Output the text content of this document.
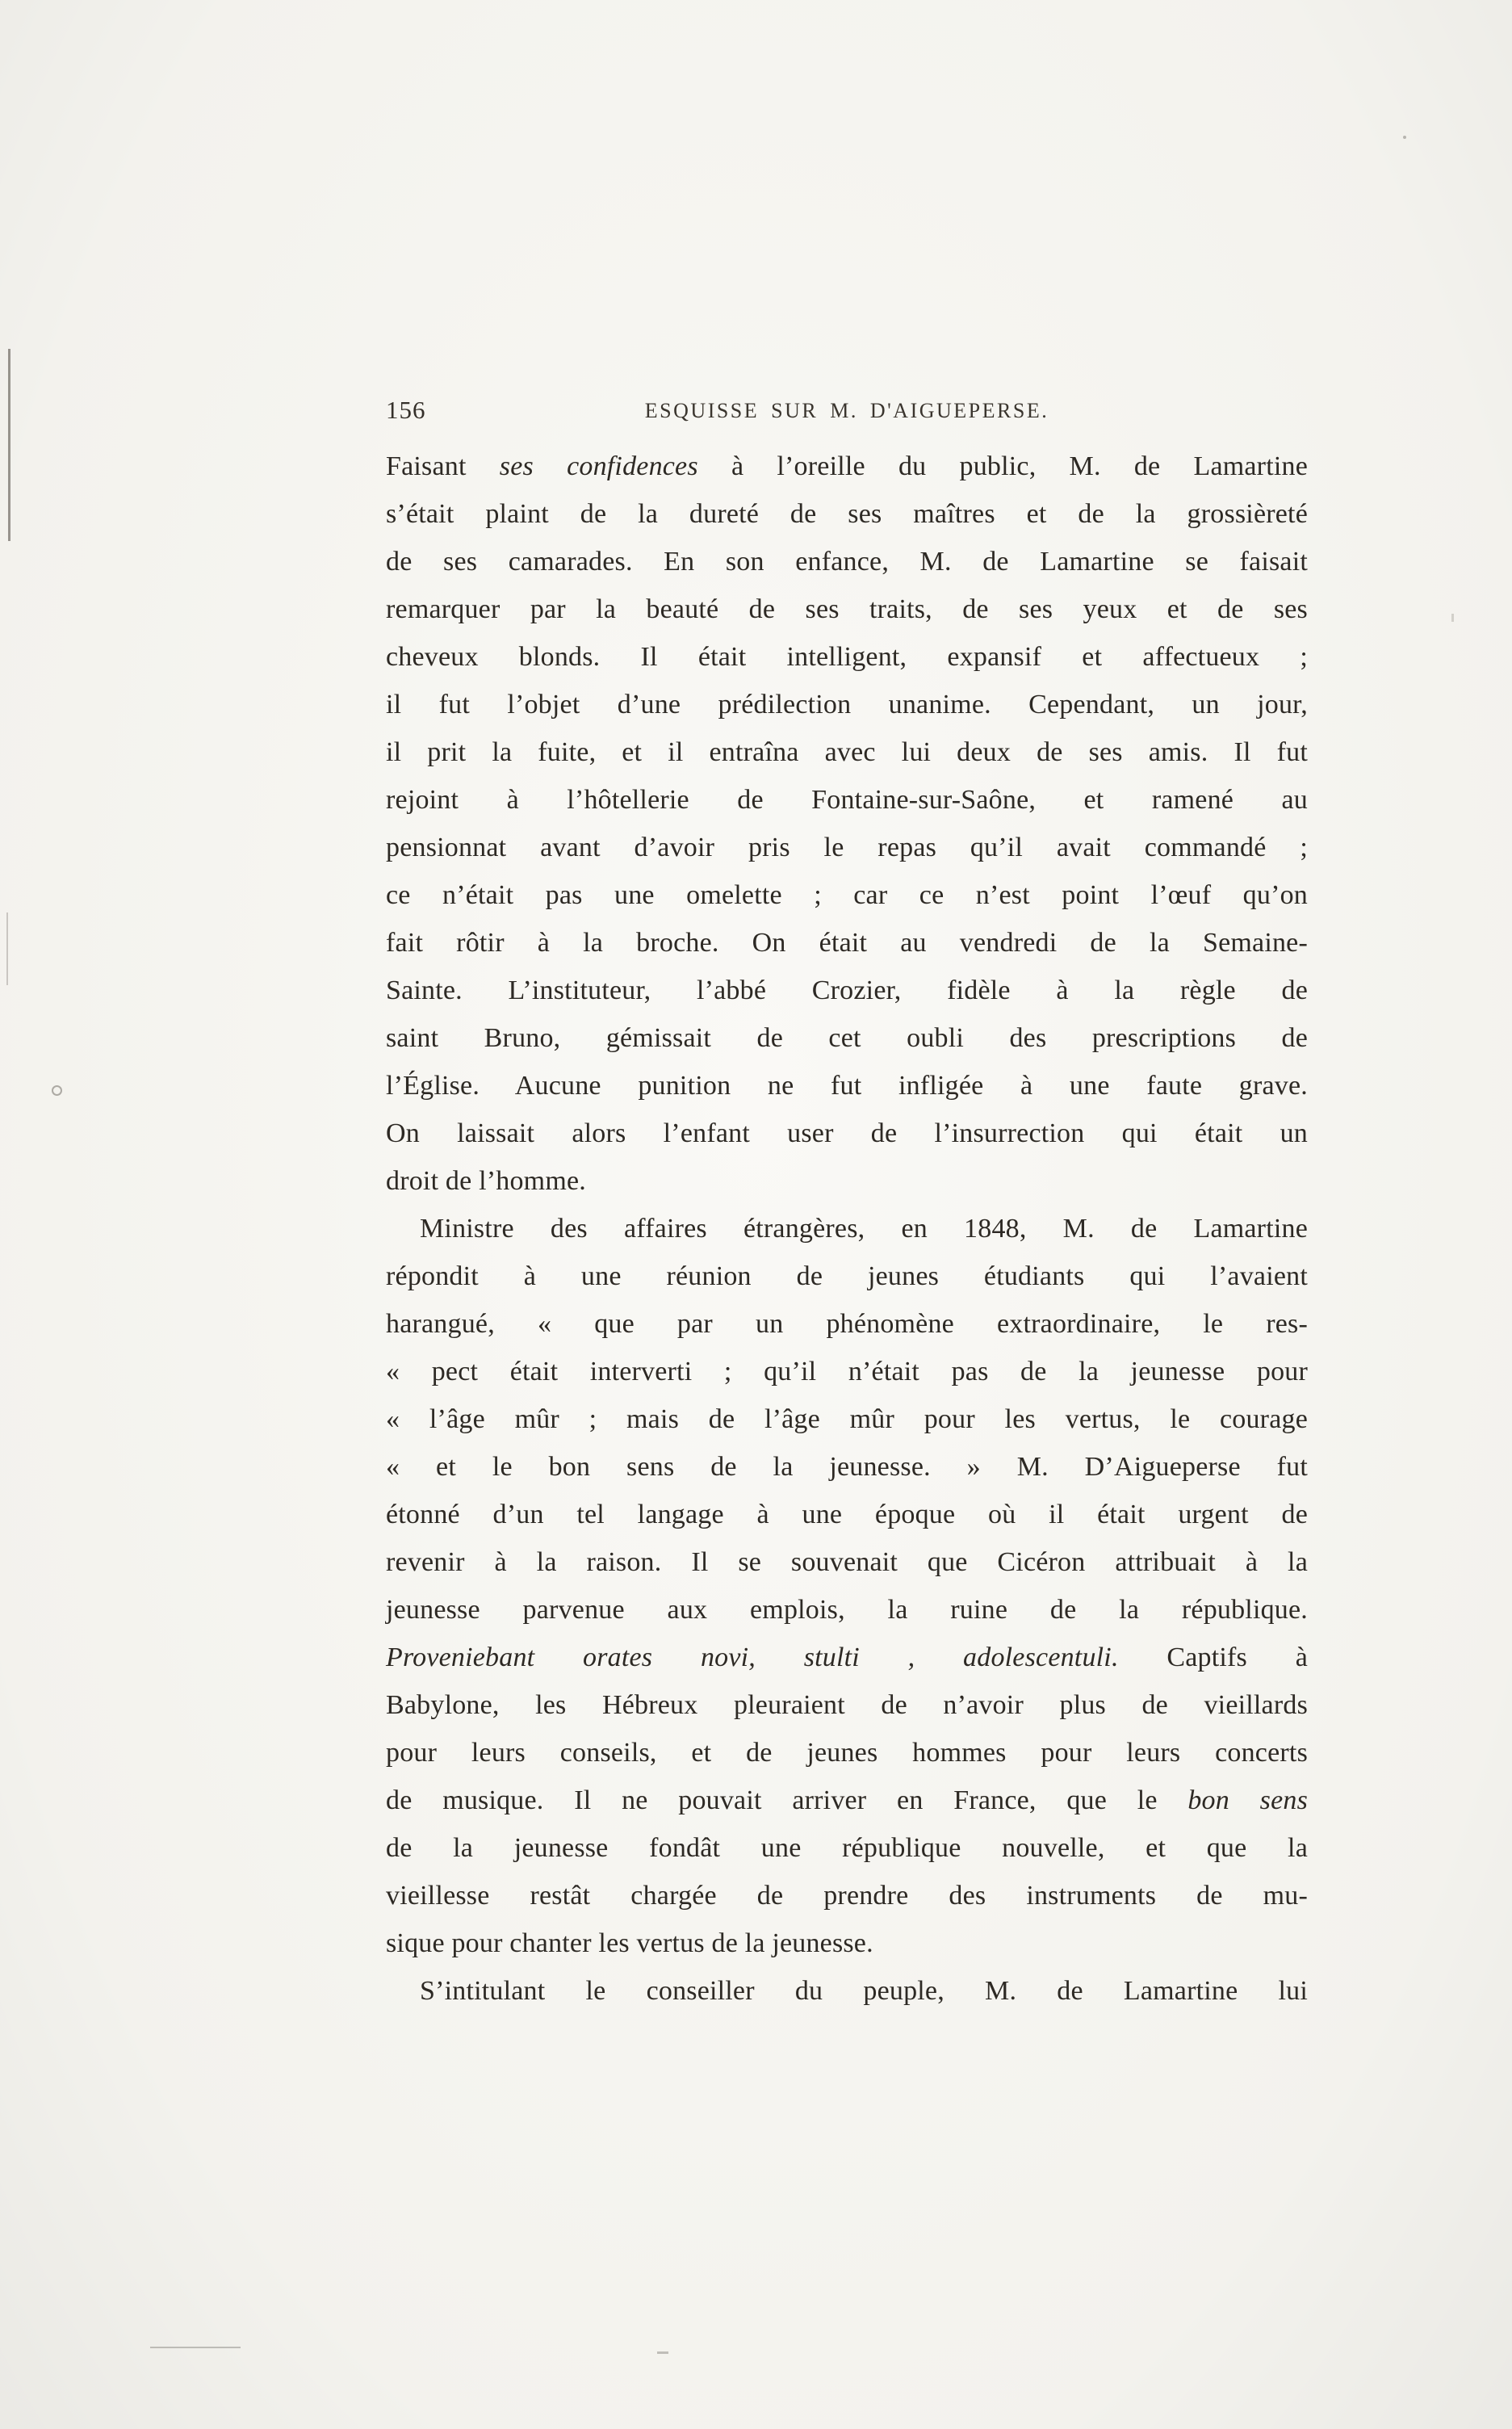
156	ESQUISSE SUR M. D'AIGUEPERSE.
Faisant ses confidences à l’oreille du public, M. de Lamartine
s’était plaint de la dureté de ses maîtres et de la grossièreté
de ses camarades. En son enfance, M. de Lamartine se faisait
remarquer par la beauté de ses traits, de ses yeux et de ses
cheveux blonds. Il était intelligent, expansif et affectueux ;
il fut l’objet d’une prédilection unanime. Cependant, un jour,
il prit la fuite, et il entraîna avec lui deux de ses amis. Il fut
rejoint à l’hôtellerie de Fontaine-sur-Saône, et ramené au
pensionnat avant d’avoir pris le repas qu’il avait commandé ;
ce n’était pas une omelette ; car ce n’est point l’œuf qu’on
fait rôtir à la broche. On était au vendredi de la Semaine-
Sainte. L’instituteur, l’abbé Crozier, fidèle à la règle de
saint Bruno, gémissait de cet oubli des prescriptions de
l’Église. Aucune punition ne fut infligée à une faute grave.
On laissait alors l’enfant user de l’insurrection qui était un
droit de l’homme.
Ministre des affaires étrangères, en 1848, M. de Lamartine
répondit à une réunion de jeunes étudiants qui l’avaient
harangué, « que par un phénomène extraordinaire, le res-
« pect était interverti ; qu’il n’était pas de la jeunesse pour
« l’âge mûr ; mais de l’âge mûr pour les vertus, le courage
« et le bon sens de la jeunesse. » M. D’Aigueperse fut
étonné d’un tel langage à une époque où il était urgent de
revenir à la raison. Il se souvenait que Cicéron attribuait à la
jeunesse parvenue aux emplois, la ruine de la république.
Proveniebant orates novi, stulti , adolescentuli. Captifs à
Babylone, les Hébreux pleuraient de n’avoir plus de vieillards
pour leurs conseils, et de jeunes hommes pour leurs concerts
de musique. Il ne pouvait arriver en France, que le bon sens
de la jeunesse fondât une république nouvelle, et que la
vieillesse restât chargée de prendre des instruments de mu-
sique pour chanter les vertus de la jeunesse.
S’intitulant le conseiller du peuple, M. de Lamartine lui
